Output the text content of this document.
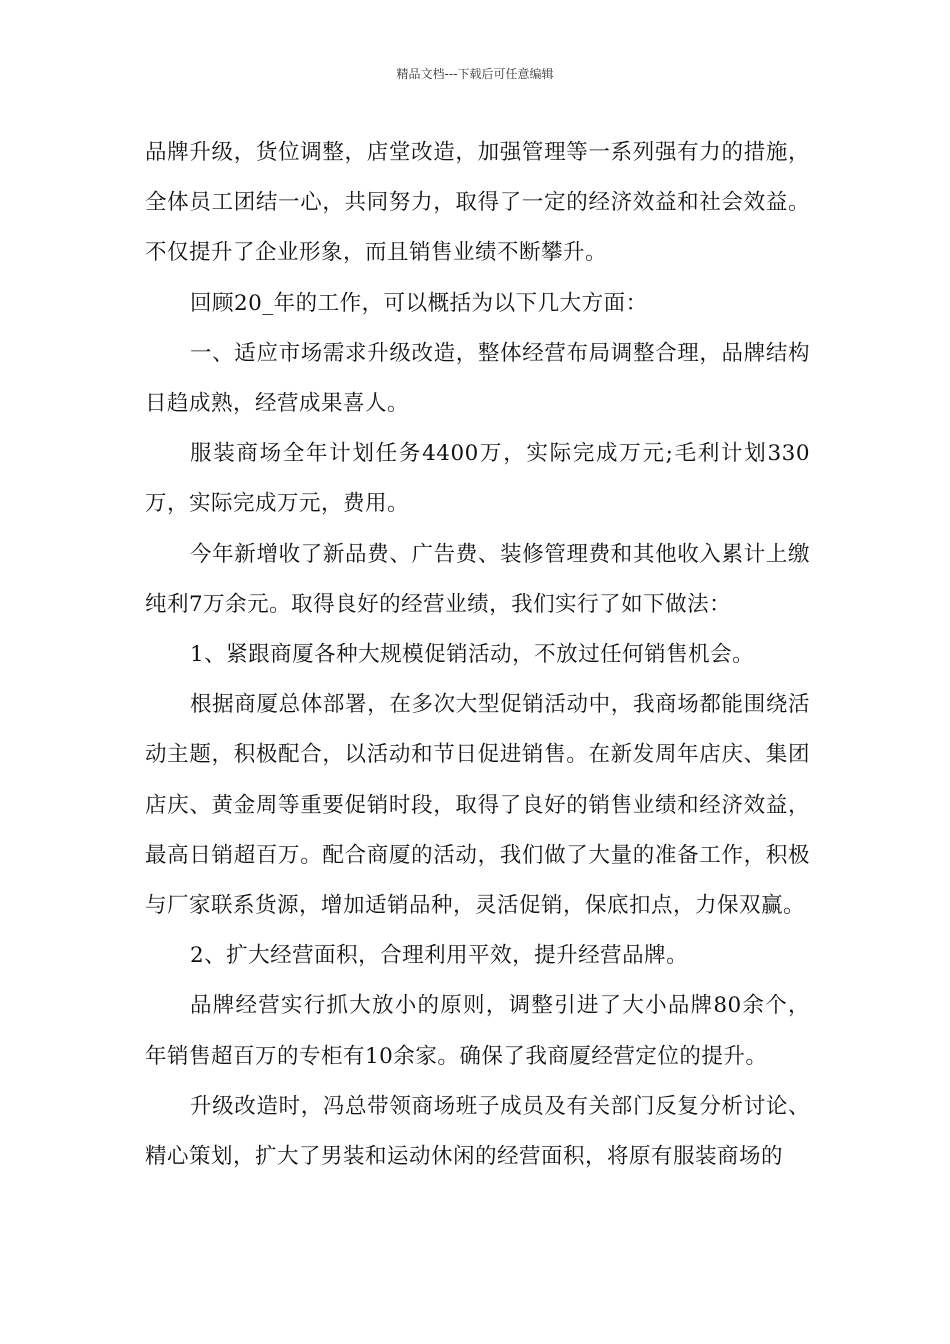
精品文档---下载后可任意编辑

品牌升级，货位调整，店堂改造，加强管理等一系列强有力的措施，全体员工团结一心，共同努力，取得了一定的经济效益和社会效益。不仅提升了企业形象，而且销售业绩不断攀升。

回顾20_年的工作，可以概括为以下几大方面：

一、适应市场需求升级改造，整体经营布局调整合理，品牌结构日趋成熟，经营成果喜人。

服装商场全年计划任务4400万，实际完成万元;毛利计划330万，实际完成万元，费用。

今年新增收了新品费、广告费、装修管理费和其他收入累计上缴纯利7万余元。取得良好的经营业绩，我们实行了如下做法：

1、紧跟商厦各种大规模促销活动，不放过任何销售机会。

根据商厦总体部署，在多次大型促销活动中，我商场都能围绕活动主题，积极配合，以活动和节日促进销售。在新发周年店庆、集团店庆、黄金周等重要促销时段，取得了良好的销售业绩和经济效益，最高日销超百万。配合商厦的活动，我们做了大量的准备工作，积极与厂家联系货源，增加适销品种，灵活促销，保底扣点，力保双赢。

2、扩大经营面积，合理利用平效，提升经营品牌。

品牌经营实行抓大放小的原则，调整引进了大小品牌80余个，年销售超百万的专柜有10余家。确保了我商厦经营定位的提升。

升级改造时，冯总带领商场班子成员及有关部门反复分析讨论、精心策划，扩大了男装和运动休闲的经营面积，将原有服装商场的
